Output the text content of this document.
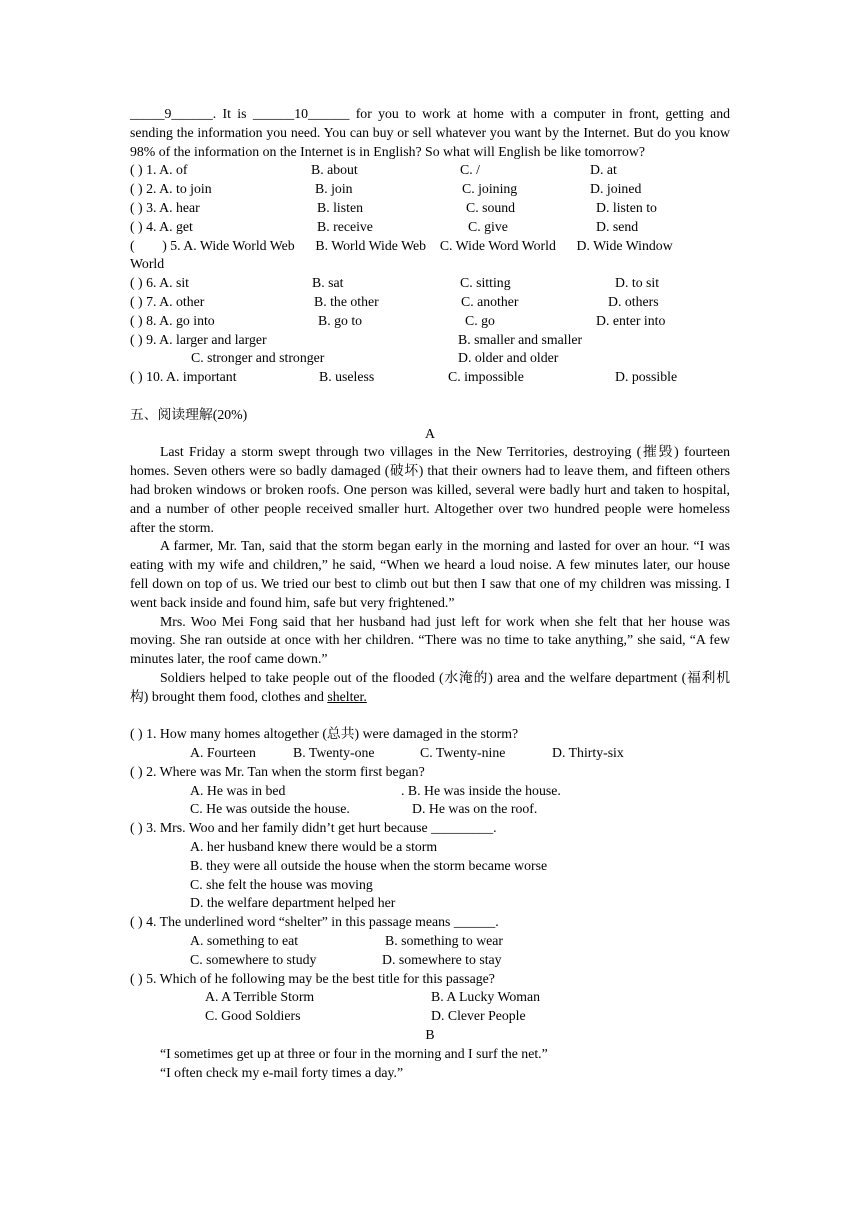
_____9______. It is ______10______ for you to work at home with a computer in front, getting and sending the information you need. You can buy or sell whatever you want by the Internet. But do you know 98% of the information on the Internet is in English? So what will English be like tomorrow?
( ) 1. A. of	B. about	C. /	D. at
( ) 2. A. to join	B. join	C. joining	D. joined
( ) 3. A. hear	B. listen	C. sound	D. listen to
( ) 4. A. get	B. receive	C. give	D. send
(        ) 5. A. Wide World Web      B. World Wide Web    C. Wide Word World      D. Wide Window
World
( ) 6. A. sit	B. sat	C. sitting	D. to sit
( ) 7. A. other	B. the other	C. another	D. others
( ) 8. A. go into	B. go to	C. go	D. enter into
( ) 9. A. larger and larger	B. smaller and smaller
C. stronger and stronger	D. older and older
( ) 10. A. important	B. useless	C. impossible	D. possible
五、阅读理解(20%)
A
Last Friday a storm swept through two villages in the New Territories, destroying (摧毁) fourteen homes. Seven others were so badly damaged (破坏) that their owners had to leave them, and fifteen others had broken windows or broken roofs. One person was killed, several were badly hurt and taken to hospital, and a number of other people received smaller hurt. Altogether over two hundred people were homeless after the storm.
A farmer, Mr. Tan, said that the storm began early in the morning and lasted for over an hour. “I was eating with my wife and children,” he said, “When we heard a loud noise. A few minutes later, our house fell down on top of us. We tried our best to climb out but then I saw that one of my children was missing. I went back inside and found him, safe but very frightened.”
Mrs. Woo Mei Fong said that her husband had just left for work when she felt that her house was moving. She ran outside at once with her children. “There was no time to take anything,” she said, “A few minutes later, the roof came down.”
Soldiers helped to take people out of the flooded (水淹的) area and the welfare department (福利机构) brought them food, clothes and shelter.
( ) 1. How many homes altogether (总共) were damaged in the storm?
A. Fourteen	B. Twenty-one	C. Twenty-nine	D. Thirty-six
( ) 2. Where was Mr. Tan when the storm first began?
A. He was in bed	. B. He was inside the house.
C. He was outside the house.	D. He was on the roof.
( ) 3. Mrs. Woo and her family didn’t get hurt because _________.
A. her husband knew there would be a storm
B. they were all outside the house when the storm became worse
C. she felt the house was moving
D. the welfare department helped her
( ) 4. The underlined word “shelter” in this passage means ______.
A. something to eat	B. something to wear
C. somewhere to study	D. somewhere to stay
( ) 5. Which of he following may be the best title for this passage?
A. A Terrible Storm	B. A Lucky Woman
C. Good Soldiers	D. Clever People
B
“I sometimes get up at three or four in the morning and I surf the net.”
“I often check my e-mail forty times a day.”
